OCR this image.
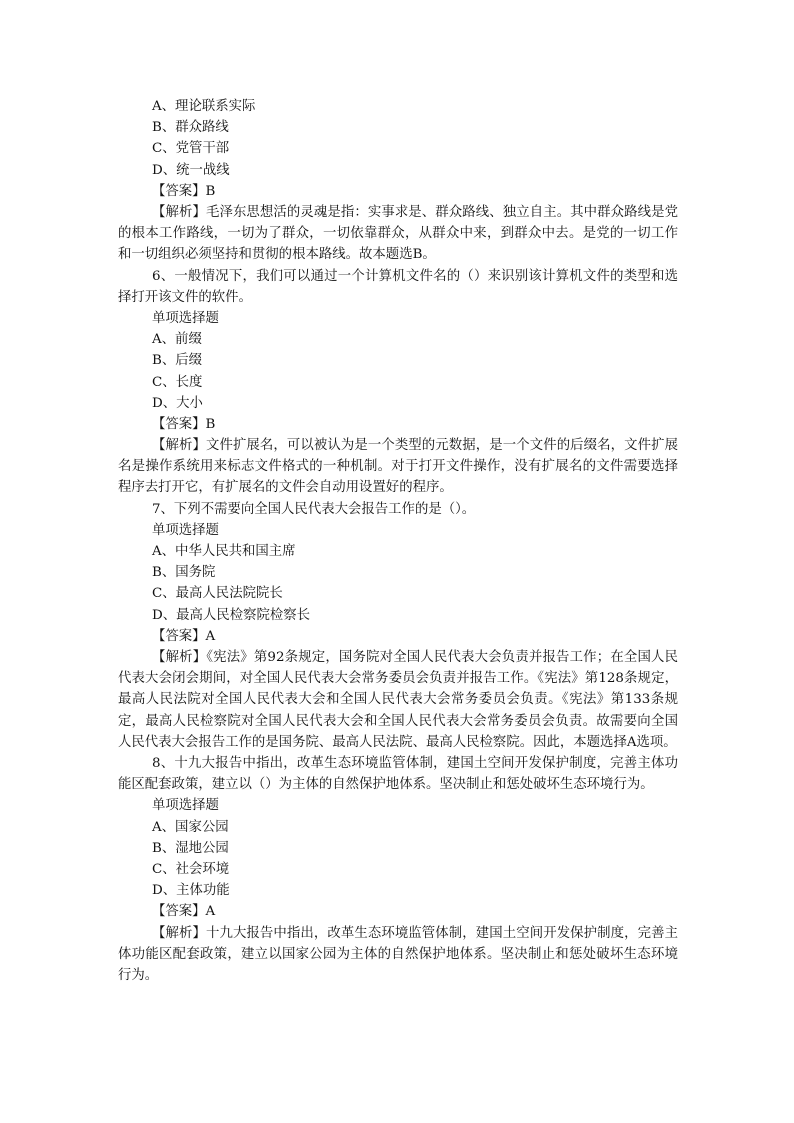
A、理论联系实际
B、群众路线
C、党管干部
D、统一战线
【答案】B
【解析】毛泽东思想活的灵魂是指：实事求是、群众路线、独立自主。其中群众路线是党的根本工作路线，一切为了群众，一切依靠群众，从群众中来，到群众中去。是党的一切工作和一切组织必须坚持和贯彻的根本路线。故本题选B。
6、一般情况下，我们可以通过一个计算机文件名的（）来识别该计算机文件的类型和选择打开该文件的软件。
单项选择题
A、前缀
B、后缀
C、长度
D、大小
【答案】B
【解析】文件扩展名，可以被认为是一个类型的元数据，是一个文件的后缀名，文件扩展名是操作系统用来标志文件格式的一种机制。对于打开文件操作，没有扩展名的文件需要选择程序去打开它，有扩展名的文件会自动用设置好的程序。
7、下列不需要向全国人民代表大会报告工作的是（）。
单项选择题
A、中华人民共和国主席
B、国务院
C、最高人民法院院长
D、最高人民检察院检察长
【答案】A
【解析】《宪法》第92条规定，国务院对全国人民代表大会负责并报告工作；在全国人民代表大会闭会期间，对全国人民代表大会常务委员会负责并报告工作。《宪法》第128条规定，最高人民法院对全国人民代表大会和全国人民代表大会常务委员会负责。《宪法》第133条规定，最高人民检察院对全国人民代表大会和全国人民代表大会常务委员会负责。故需要向全国人民代表大会报告工作的是国务院、最高人民法院、最高人民检察院。因此，本题选择A选项。
8、十九大报告中指出，改革生态环境监管体制，建国土空间开发保护制度，完善主体功能区配套政策，建立以（）为主体的自然保护地体系。坚决制止和惩处破坏生态环境行为。
单项选择题
A、国家公园
B、湿地公园
C、社会环境
D、主体功能
【答案】A
【解析】十九大报告中指出，改革生态环境监管体制，建国土空间开发保护制度，完善主体功能区配套政策，建立以国家公园为主体的自然保护地体系。坚决制止和惩处破坏生态环境行为。
